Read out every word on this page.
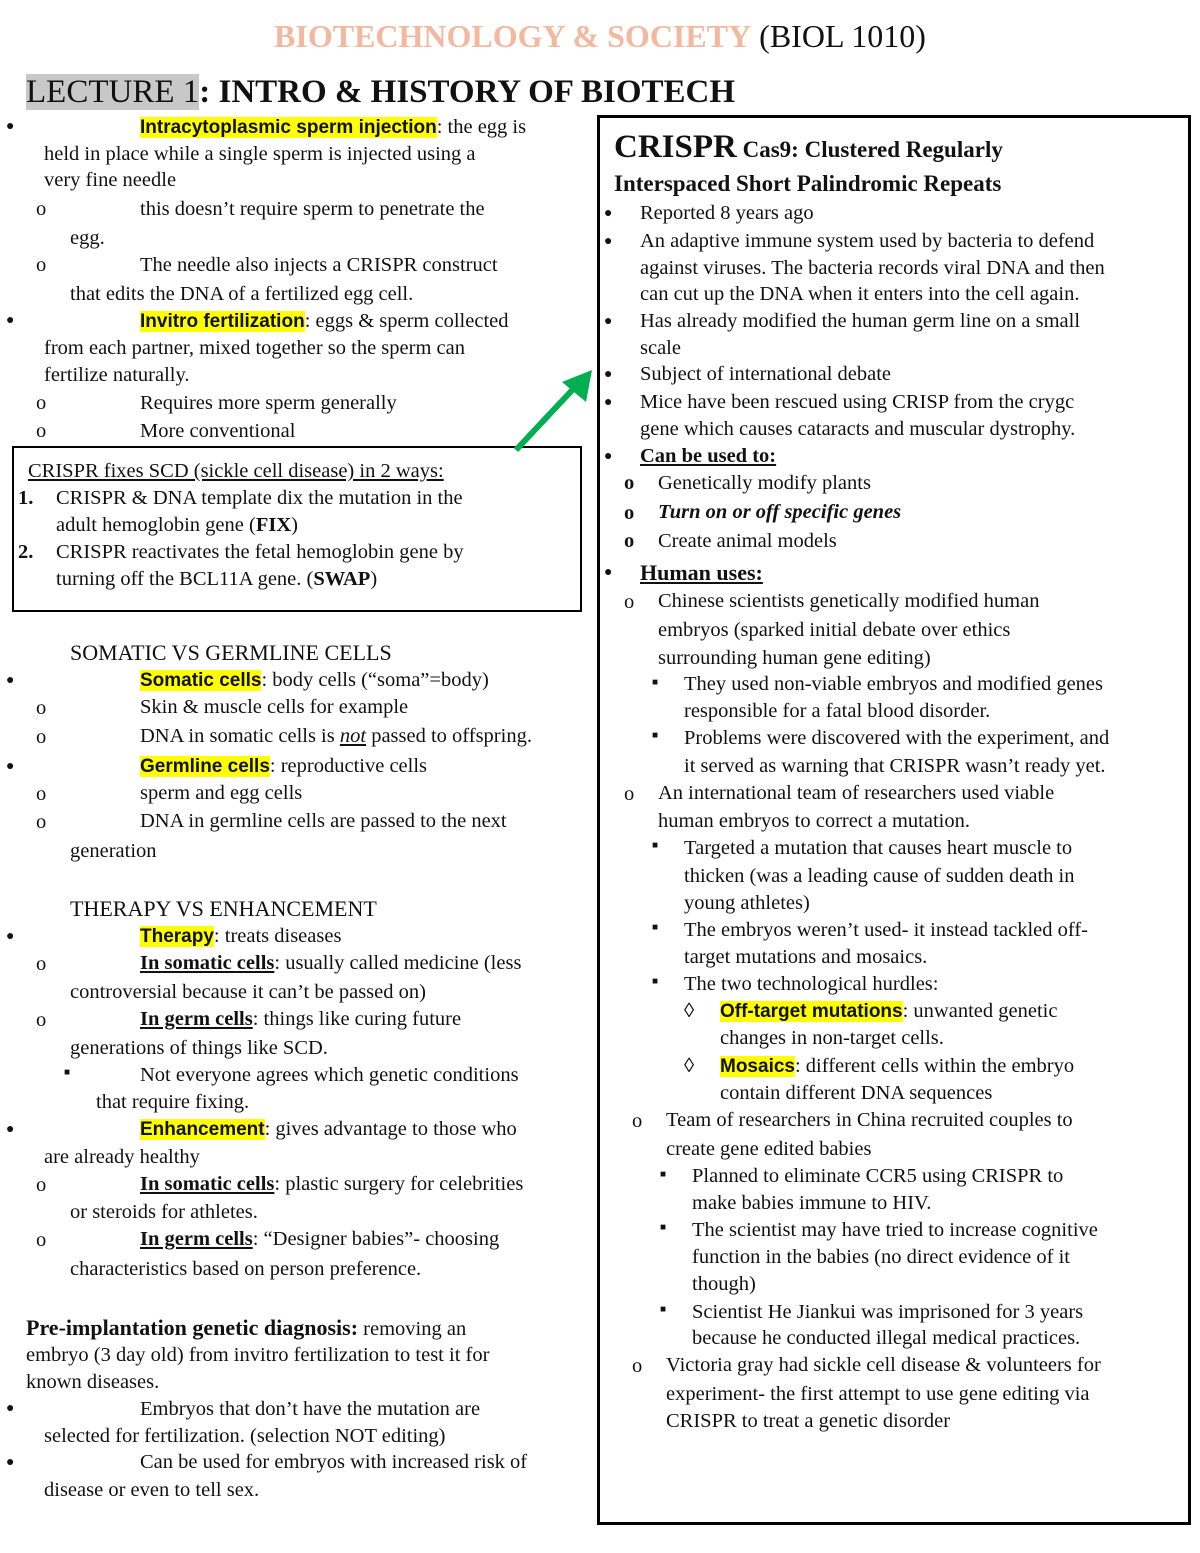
BIOTECHNOLOGY & SOCIETY (BIOL 1010)
LECTURE 1: INTRO & HISTORY OF BIOTECH
●	Intracytoplasmic sperm injection: the egg is
held in place while a single sperm is injected using a
very fine needle
o	this doesn’t require sperm to penetrate the
egg.
o	The needle also injects a CRISPR construct
that edits the DNA of a fertilized egg cell.
●	Invitro fertilization: eggs & sperm collected
from each partner, mixed together so the sperm can
fertilize naturally.
o	Requires more sperm generally
o	More conventional
CRISPR fixes SCD (sickle cell disease) in 2 ways:
1. CRISPR & DNA template dix the mutation in the
adult hemoglobin gene (FIX)
2. CRISPR reactivates the fetal hemoglobin gene by
turning off the BCL11A gene. (SWAP)
SOMATIC VS GERMLINE CELLS
●	Somatic cells: body cells (“soma”=body)
o	Skin & muscle cells for example
o	DNA in somatic cells is not passed to offspring.
●	Germline cells: reproductive cells
o	sperm and egg cells
o	DNA in germline cells are passed to the next
generation
THERAPY VS ENHANCEMENT
●	Therapy: treats diseases
o	In somatic cells: usually called medicine (less
controversial because it can’t be passed on)
o	In germ cells: things like curing future
generations of things like SCD.
■	Not everyone agrees which genetic conditions
that require fixing.
●	Enhancement: gives advantage to those who
are already healthy
o	In somatic cells: plastic surgery for celebrities
or steroids for athletes.
o	In germ cells: “Designer babies”- choosing
characteristics based on person preference.
Pre-implantation genetic diagnosis: removing an
embryo (3 day old) from invitro fertilization to test it for
known diseases.
●	Embryos that don’t have the mutation are
selected for fertilization. (selection NOT editing)
●	Can be used for embryos with increased risk of
disease or even to tell sex.
CRISPR Cas9: Clustered Regularly
Interspaced Short Palindromic Repeats
● Reported 8 years ago
● An adaptive immune system used by bacteria to defend
against viruses. The bacteria records viral DNA and then
can cut up the DNA when it enters into the cell again.
● Has already modified the human germ line on a small
scale
● Subject of international debate
● Mice have been rescued using CRISP from the crygc
gene which causes cataracts and muscular dystrophy.
● Can be used to:
o Genetically modify plants
o Turn on or off specific genes
o Create animal models
● Human uses:
o Chinese scientists genetically modified human
embryos (sparked initial debate over ethics
surrounding human gene editing)
■ They used non-viable embryos and modified genes
responsible for a fatal blood disorder.
■ Problems were discovered with the experiment, and
it served as warning that CRISPR wasn’t ready yet.
o An international team of researchers used viable
human embryos to correct a mutation.
■ Targeted a mutation that causes heart muscle to
thicken (was a leading cause of sudden death in
young athletes)
■ The embryos weren’t used- it instead tackled off-
target mutations and mosaics.
■ The two technological hurdles:
◊ Off-target mutations: unwanted genetic
changes in non-target cells.
◊ Mosaics: different cells within the embryo
contain different DNA sequences
o Team of researchers in China recruited couples to
create gene edited babies
■ Planned to eliminate CCR5 using CRISPR to
make babies immune to HIV.
■ The scientist may have tried to increase cognitive
function in the babies (no direct evidence of it
though)
■ Scientist He Jiankui was imprisoned for 3 years
because he conducted illegal medical practices.
o Victoria gray had sickle cell disease & volunteers for
experiment- the first attempt to use gene editing via
CRISPR to treat a genetic disorder
